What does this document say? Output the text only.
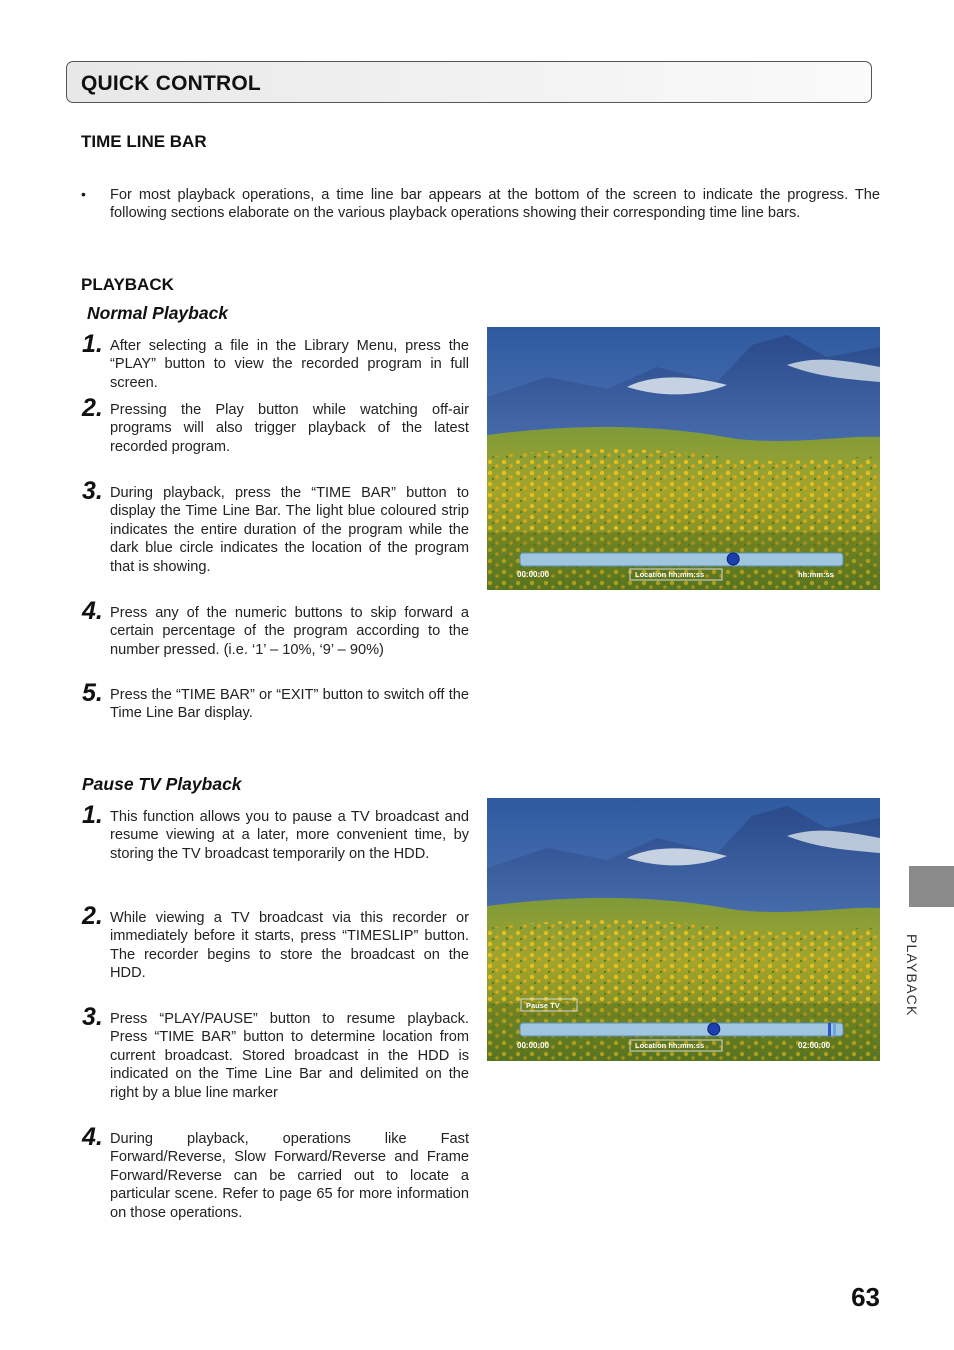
QUICK CONTROL
TIME LINE BAR
• For most playback operations, a time line bar appears at the bottom of the screen to indicate the progress. The following sections elaborate on the various playback operations showing their corresponding time line bars.
PLAYBACK
Normal Playback
1. After selecting a file in the Library Menu, press the “PLAY” button to view the recorded program in full screen.
2. Pressing the Play button while watching off-air programs will also trigger playback of the latest recorded program.
3. During playback, press the “TIME BAR” button to display the Time Line Bar. The light blue coloured strip indicates the entire duration of the program while the dark blue circle indicates the location of the program that is showing.
4. Press any of the numeric buttons to skip forward a certain percentage of the program according to the number pressed. (i.e. ‘1’ – 10%, ‘9’ – 90%)
5. Press the “TIME BAR” or “EXIT” button to switch off the Time Line Bar display.
00:00:00	Location hh:mm:ss	hh:mm:ss
Pause TV Playback
1. This function allows you to pause a TV broadcast and resume viewing at a later, more convenient time, by storing the TV broadcast temporarily on the HDD.
2. While viewing a TV broadcast via this recorder or immediately before it starts, press “TIMESLIP” button. The recorder begins to store the broadcast on the HDD.
3. Press “PLAY/PAUSE” button to resume playback. Press “TIME BAR” button to determine location from current broadcast. Stored broadcast in the HDD is indicated on the Time Line Bar and delimited on the right by a blue line marker
4. During playback, operations like Fast Forward/Reverse, Slow Forward/Reverse and Frame Forward/Reverse can be carried out to locate a particular scene. Refer to page 65 for more information on those operations.
Pause TV
00:00:00	Location hh:mm:ss	02:00:00
PLAYBACK
63
